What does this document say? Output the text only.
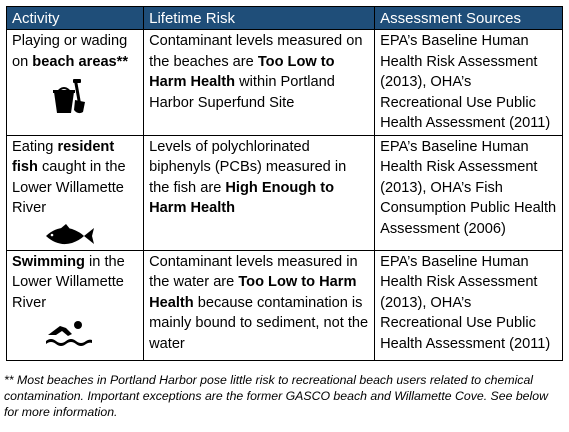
Activity	Lifetime Risk	Assessment Sources
Playing or wading on beach areas**	Contaminant levels measured on the beaches are Too Low to Harm Health within Portland Harbor Superfund Site	EPA’s Baseline Human Health Risk Assessment (2013), OHA’s Recreational Use Public Health Assessment (2011)
Eating resident fish caught in the Lower Willamette River	Levels of polychlorinated biphenyls (PCBs) measured in the fish are High Enough to Harm Health	EPA’s Baseline Human Health Risk Assessment (2013), OHA’s Fish Consumption Public Health Assessment (2006)
Swimming in the Lower Willamette River	Contaminant levels measured in the water are Too Low to Harm Health because contamination is mainly bound to sediment, not the water	EPA’s Baseline Human Health Risk Assessment (2013), OHA’s Recreational Use Public Health Assessment (2011)
** Most beaches in Portland Harbor pose little risk to recreational beach users related to chemical contamination. Important exceptions are the former GASCO beach and Willamette Cove. See below for more information.
